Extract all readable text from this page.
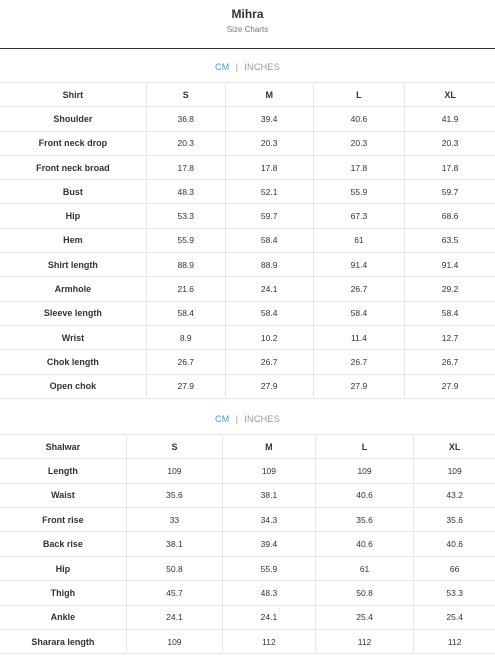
Mihra
Size Charts
CM | INCHES
Shirt	S	M	L	XL
Shoulder	36.8	39.4	40.6	41.9
Front neck drop	20.3	20.3	20.3	20.3
Front neck broad	17.8	17.8	17.8	17.8
Bust	48.3	52.1	55.9	59.7
Hip	53.3	59.7	67.3	68.6
Hem	55.9	58.4	61	63.5
Shirt length	88.9	88.9	91.4	91.4
Armhole	21.6	24.1	26.7	29.2
Sleeve length	58.4	58.4	58.4	58.4
Wrist	8.9	10.2	11.4	12.7
Chok length	26.7	26.7	26.7	26.7
Open chok	27.9	27.9	27.9	27.9
CM | INCHES
Shalwar	S	M	L	XL
Length	109	109	109	109
Waist	35.6	38.1	40.6	43.2
Front rise	33	34.3	35.6	35.6
Back rise	38.1	39.4	40.6	40.6
Hip	50.8	55.9	61	66
Thigh	45.7	48.3	50.8	53.3
Ankle	24.1	24.1	25.4	25.4
Sharara length	109	112	112	112
